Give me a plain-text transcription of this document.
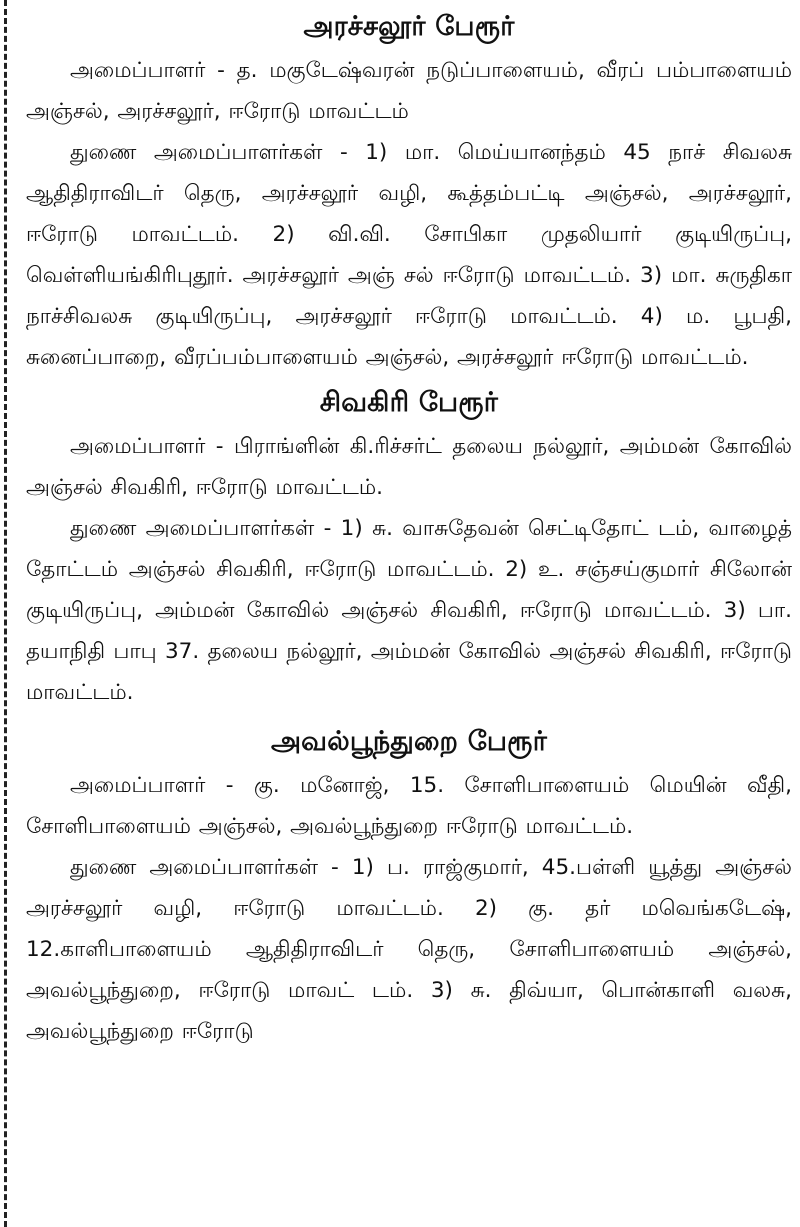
அரச்சலூர் பேரூர்

அமைப்பாளர் - த. மகுடேஷ்வரன் நடுப்பாளையம், வீரப் பம்பாளையம் அஞ்சல், அரச்சலூர், ஈரோடு மாவட்டம்

துணை அமைப்பாளர்கள் - 1) மா. மெய்யானந்தம் 45 நாச் சிவலசு ஆதிதிராவிடர் தெரு, அரச்சலூர் வழி, கூத்தம்பட்டி அஞ்சல், அரச்சலூர், ஈரோடு மாவட்டம். 2) வி.வி. சோபிகா முதலியார் குடியிருப்பு, வெள்ளியங்கிரிபுதூர். அரச்சலூர் அஞ் சல் ஈரோடு மாவட்டம். 3) மா. சுருதிகா நாச்சிவலசு குடியிருப்பு, அரச்சலூர் ஈரோடு மாவட்டம். 4) ம. பூபதி, சுனைப்பாறை, வீரப்பம்பாளையம் அஞ்சல், அரச்சலூர் ஈரோடு மாவட்டம்.

சிவகிரி பேரூர்

அமைப்பாளர் - பிராங்ளின் கி.ரிச்சர்ட் தலைய நல்லூர், அம்மன் கோவில் அஞ்சல் சிவகிரி, ஈரோடு மாவட்டம்.

துணை அமைப்பாளர்கள் - 1) சு. வாசுதேவன் செட்டிதோட் டம், வாழைத் தோட்டம் அஞ்சல் சிவகிரி, ஈரோடு மாவட்டம். 2) உ. சஞ்சய்குமார் சிலோன் குடியிருப்பு, அம்மன் கோவில் அஞ்சல் சிவகிரி, ஈரோடு மாவட்டம். 3) பா. தயாநிதி பாபு 37. தலைய நல்லூர், அம்மன் கோவில் அஞ்சல் சிவகிரி, ஈரோடு மாவட்டம்.

அவல்பூந்துறை பேரூர்

அமைப்பாளர் - கு. மனோஜ், 15. சோளிபாளையம் மெயின் வீதி, சோளிபாளையம் அஞ்சல், அவல்பூந்துறை ஈரோடு மாவட்டம்.

துணை அமைப்பாளர்கள் - 1) ப. ராஜ்குமார், 45.பள்ளி யூத்து அஞ்சல் அரச்சலூர் வழி, ஈரோடு மாவட்டம். 2) கு. தர் மவெங்கடேஷ், 12.காளிபாளையம் ஆதிதிராவிடர் தெரு, சோளிபாளையம் அஞ்சல், அவல்பூந்துறை, ஈரோடு மாவட் டம். 3) சு. திவ்யா, பொன்காளி வலசு, அவல்பூந்துறை ஈரோடு
